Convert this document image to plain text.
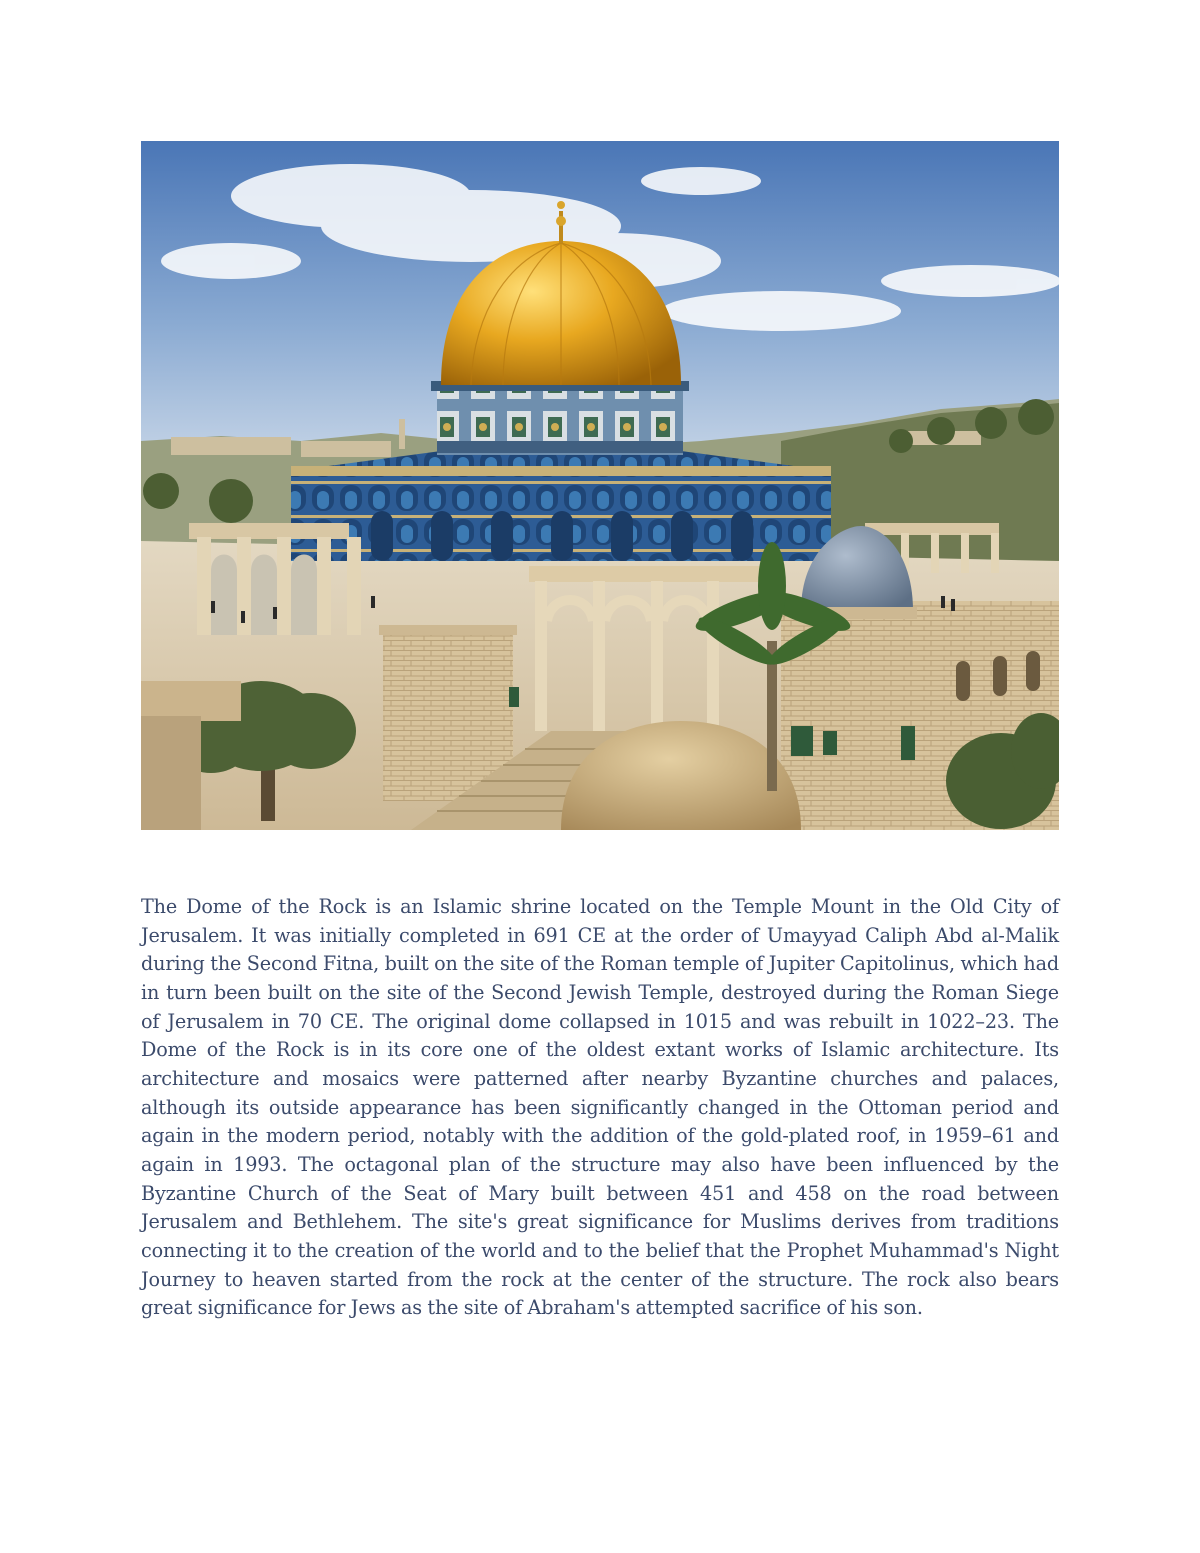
The Dome of the Rock is an Islamic shrine located on the Temple Mount in the Old City of Jerusalem. It was initially completed in 691 CE at the order of Umayyad Caliph Abd al-Malik during the Second Fitna, built on the site of the Roman temple of Jupiter Capitolinus, which had in turn been built on the site of the Second Jewish Temple, destroyed during the Roman Siege of Jerusalem in 70 CE. The original dome collapsed in 1015 and was rebuilt in 1022–23. The Dome of the Rock is in its core one of the oldest extant works of Islamic architecture. Its architecture and mosaics were patterned after nearby Byzantine churches and palaces, although its outside appearance has been significantly changed in the Ottoman period and again in the modern period, notably with the addition of the gold-plated roof, in 1959–61 and again in 1993. The octagonal plan of the structure may also have been influenced by the Byzantine Church of the Seat of Mary built between 451 and 458 on the road between Jerusalem and Bethlehem. The site's great significance for Muslims derives from traditions connecting it to the creation of the world and to the belief that the Prophet Muhammad's Night Journey to heaven started from the rock at the center of the structure. The rock also bears great significance for Jews as the site of Abraham's attempted sacrifice of his son.
